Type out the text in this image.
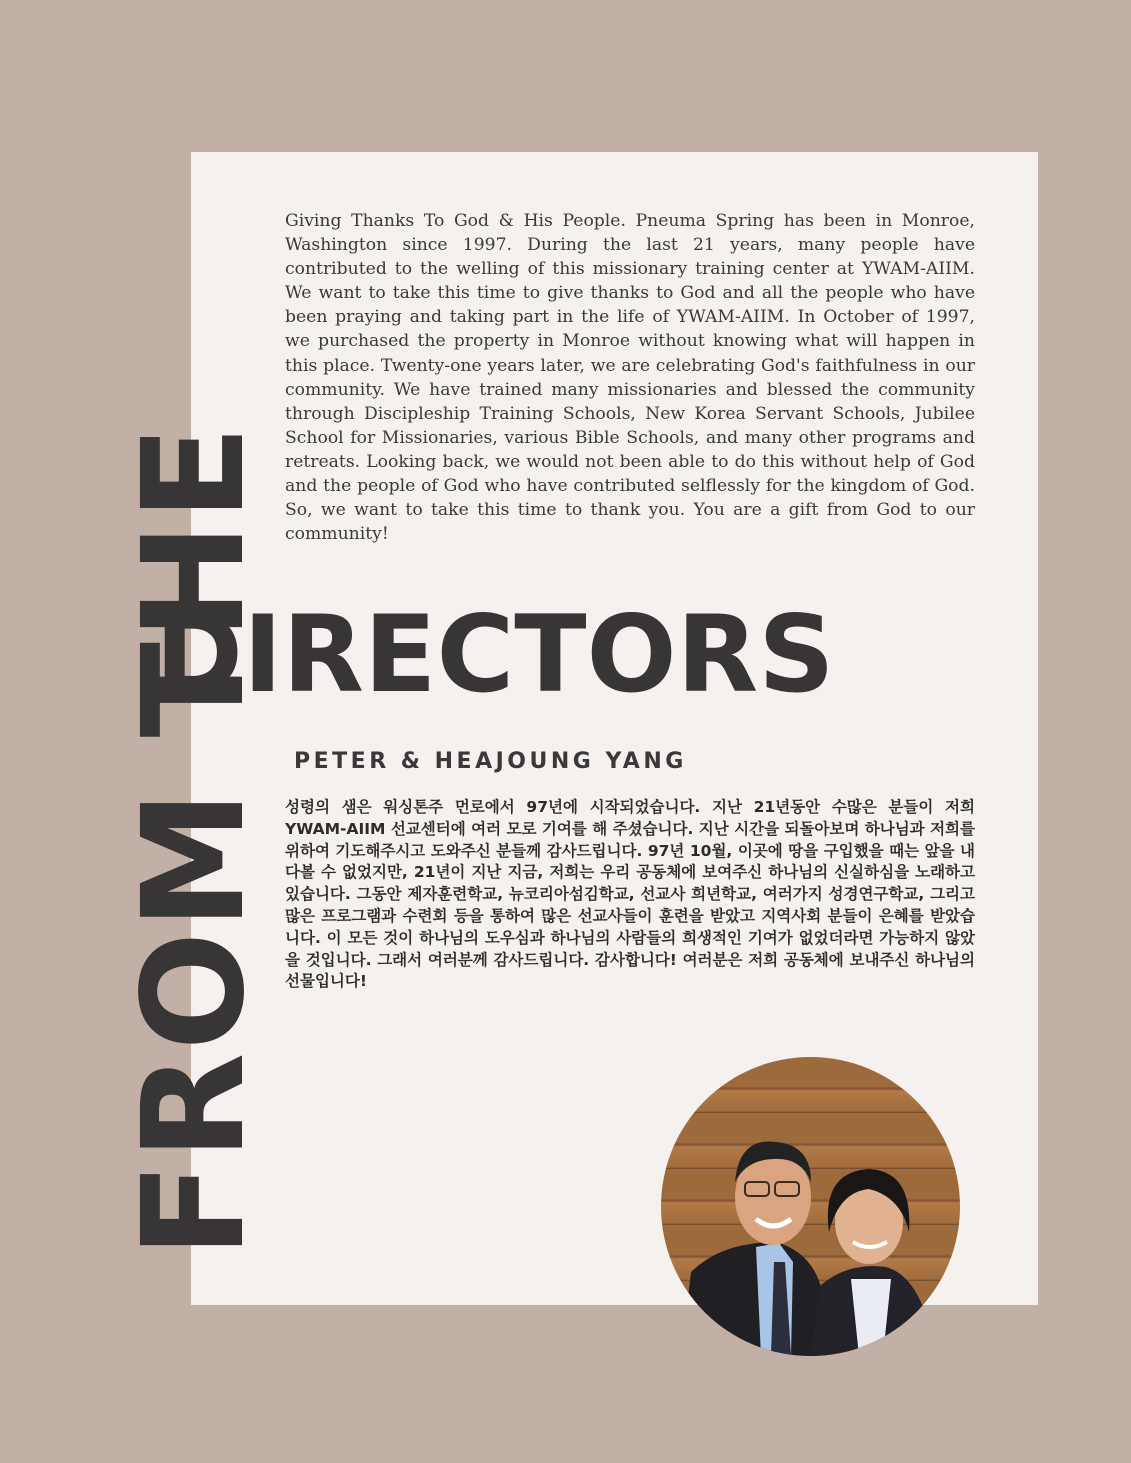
FROM THE
DIRECTORS

Giving Thanks To God & His People. Pneuma Spring has been in Monroe, Washington since 1997. During the last 21 years, many people have contributed to the welling of this missionary training center at YWAM-AIIM. We want to take this time to give thanks to God and all the people who have been praying and taking part in the life of YWAM-AIIM. In October of 1997, we purchased the property in Monroe without knowing what will happen in this place. Twenty-one years later, we are celebrating God's faithfulness in our community. We have trained many missionaries and blessed the community through Discipleship Training Schools, New Korea Servant Schools, Jubilee School for Missionaries, various Bible Schools, and many other programs and retreats. Looking back, we would not been able to do this without help of God and the people of God who have contributed selflessly for the kingdom of God. So, we want to take this time to thank you. You are a gift from God to our community!

PETER & HEAJOUNG YANG

성령의 샘은 워싱톤주 먼로에서 97년에 시작되었습니다. 지난 21년동안 수많은 분들이 저희 YWAM-AIIM 선교센터에 여러 모로 기여를 해 주셨습니다. 지난 시간을 되돌아보며 하나님과 저희를 위하여 기도해주시고 도와주신 분들께 감사드립니다. 97년 10월, 이곳에 땅을 구입했을 때는 앞을 내다볼 수 없었지만, 21년이 지난 지금, 저희는 우리 공동체에 보여주신 하나님의 신실하심을 노래하고 있습니다. 그동안 제자훈련학교, 뉴코리아섬김학교, 선교사 희년학교, 여러가지 성경연구학교, 그리고 많은 프로그램과 수련회 등을 통하여 많은 선교사들이 훈련을 받았고 지역사회 분들이 은혜를 받았습니다. 이 모든 것이 하나님의 도우심과 하나님의 사람들의 희생적인 기여가 없었더라면 가능하지 않았을 것입니다. 그래서 여러분께 감사드립니다. 감사합니다! 여러분은 저희 공동체에 보내주신 하나님의 선물입니다!
